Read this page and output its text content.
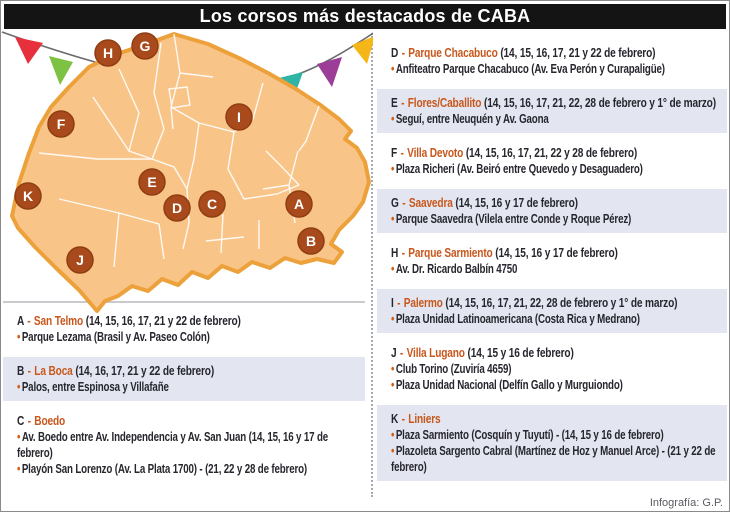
Los corsos más destacados de CABA
A
B
C
D
E
F
G
H
I
J
K
D - Parque Chacabuco (14, 15, 16, 17, 21 y 22 de febrero)
• Anfiteatro Parque Chacabuco (Av. Eva Perón y Curapaligüe)
E - Flores/Caballito (14, 15, 16, 17, 21, 22, 28 de febrero y 1° de marzo)
• Seguí, entre Neuquén y Av. Gaona
F - Villa Devoto (14, 15, 16, 17, 21, 22 y 28 de febrero)
• Plaza Richeri (Av. Beiró entre Quevedo y Desaguadero)
G - Saavedra (14, 15, 16 y 17 de febrero)
• Parque Saavedra (Vilela entre Conde y Roque Pérez)
H - Parque Sarmiento (14, 15, 16 y 17 de febrero)
• Av. Dr. Ricardo Balbín 4750
I - Palermo (14, 15, 16, 17, 21, 22, 28 de febrero y 1° de marzo)
• Plaza Unidad Latinoamericana (Costa Rica y Medrano)
J - Villa Lugano (14, 15 y 16 de febrero)
• Club Torino (Zuviría 4659)
• Plaza Unidad Nacional (Delfín Gallo y Murguiondo)
K - Liniers
• Plaza Sarmiento (Cosquín y Tuyutí) - (14, 15 y 16 de febrero)
• Plazoleta Sargento Cabral (Martínez de Hoz y Manuel Arce) - (21 y 22 de febrero)
A - San Telmo (14, 15, 16, 17, 21 y 22 de febrero)
• Parque Lezama (Brasil y Av. Paseo Colón)
B - La Boca (14, 16, 17, 21 y 22 de febrero)
• Palos, entre Espinosa y Villafañe
C - Boedo
• Av. Boedo entre Av. Independencia y Av. San Juan (14, 15, 16 y 17 de febrero)
• Playón San Lorenzo (Av. La Plata 1700) - (21, 22 y 28 de febrero)
Infografía: G.P.
